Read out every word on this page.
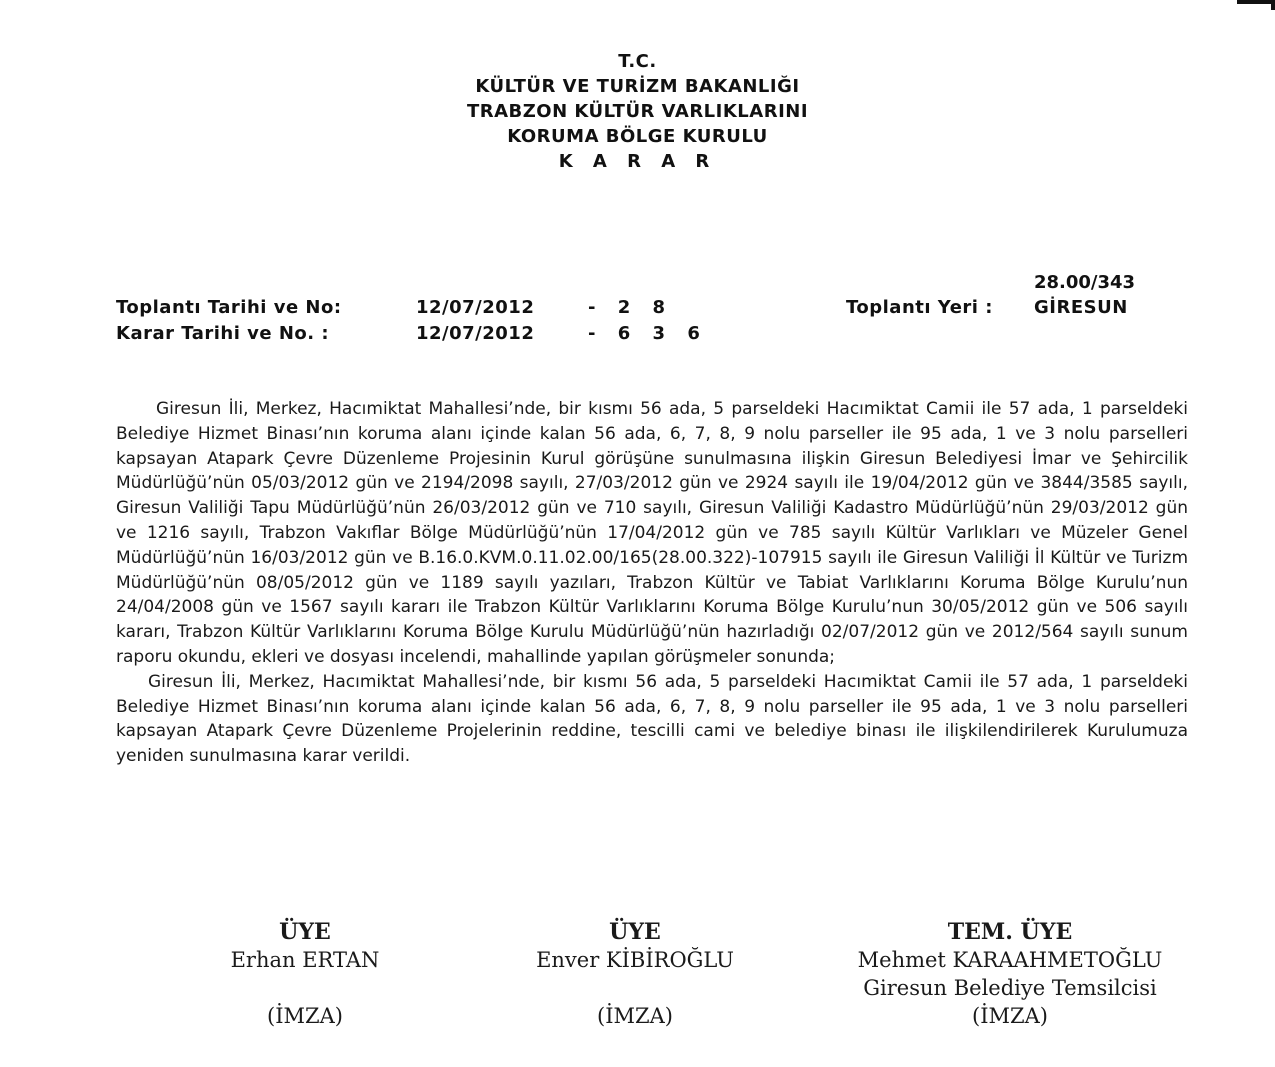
T.C.
KÜLTÜR VE TURİZM BAKANLIĞI
TRABZON KÜLTÜR VARLIKLARINI
KORUMA BÖLGE KURULU
K A R A R
28.00/343
Toplantı Tarihi ve No:	12/07/2012	- 2 8	Toplantı Yeri : GİRESUN
Karar Tarihi ve No. :	12/07/2012	- 6 3 6

Giresun İli, Merkez, Hacımiktat Mahallesi’nde, bir kısmı 56 ada, 5 parseldeki Hacımiktat Camii ile 57 ada, 1 parseldeki Belediye Hizmet Binası’nın koruma alanı içinde kalan 56 ada, 6, 7, 8, 9 nolu parseller ile 95 ada, 1 ve 3 nolu parselleri kapsayan Atapark Çevre Düzenleme Projesinin Kurul görüşüne sunulmasına ilişkin Giresun Belediyesi İmar ve Şehircilik Müdürlüğü’nün 05/03/2012 gün ve 2194/2098 sayılı, 27/03/2012 gün ve 2924 sayılı ile 19/04/2012 gün ve 3844/3585 sayılı, Giresun Valiliği Tapu Müdürlüğü’nün 26/03/2012 gün ve 710 sayılı, Giresun Valiliği Kadastro Müdürlüğü’nün 29/03/2012 gün ve 1216 sayılı, Trabzon Vakıflar Bölge Müdürlüğü’nün 17/04/2012 gün ve 785 sayılı Kültür Varlıkları ve Müzeler Genel Müdürlüğü’nün 16/03/2012 gün ve B.16.0.KVM.0.11.02.00/165(28.00.322)-107915 sayılı ile Giresun Valiliği İl Kültür ve Turizm Müdürlüğü’nün 08/05/2012 gün ve 1189 sayılı yazıları, Trabzon Kültür ve Tabiat Varlıklarını Koruma Bölge Kurulu’nun 24/04/2008 gün ve 1567 sayılı kararı ile Trabzon Kültür Varlıklarını Koruma Bölge Kurulu’nun 30/05/2012 gün ve 506 sayılı kararı, Trabzon Kültür Varlıklarını Koruma Bölge Kurulu Müdürlüğü’nün hazırladığı 02/07/2012 gün ve 2012/564 sayılı sunum raporu okundu, ekleri ve dosyası incelendi, mahallinde yapılan görüşmeler sonunda;

Giresun İli, Merkez, Hacımiktat Mahallesi’nde, bir kısmı 56 ada, 5 parseldeki Hacımiktat Camii ile 57 ada, 1 parseldeki Belediye Hizmet Binası’nın koruma alanı içinde kalan 56 ada, 6, 7, 8, 9 nolu parseller ile 95 ada, 1 ve 3 nolu parselleri kapsayan Atapark Çevre Düzenleme Projelerinin reddine, tescilli cami ve belediye binası ile ilişkilendirilerek Kurulumuza yeniden sunulmasına karar verildi.

ÜYE
Erhan ERTAN
(İMZA)
ÜYE
Enver KİBİROĞLU
(İMZA)
TEM. ÜYE
Mehmet KARAAHMETOĞLU
Giresun Belediye Temsilcisi
(İMZA)
